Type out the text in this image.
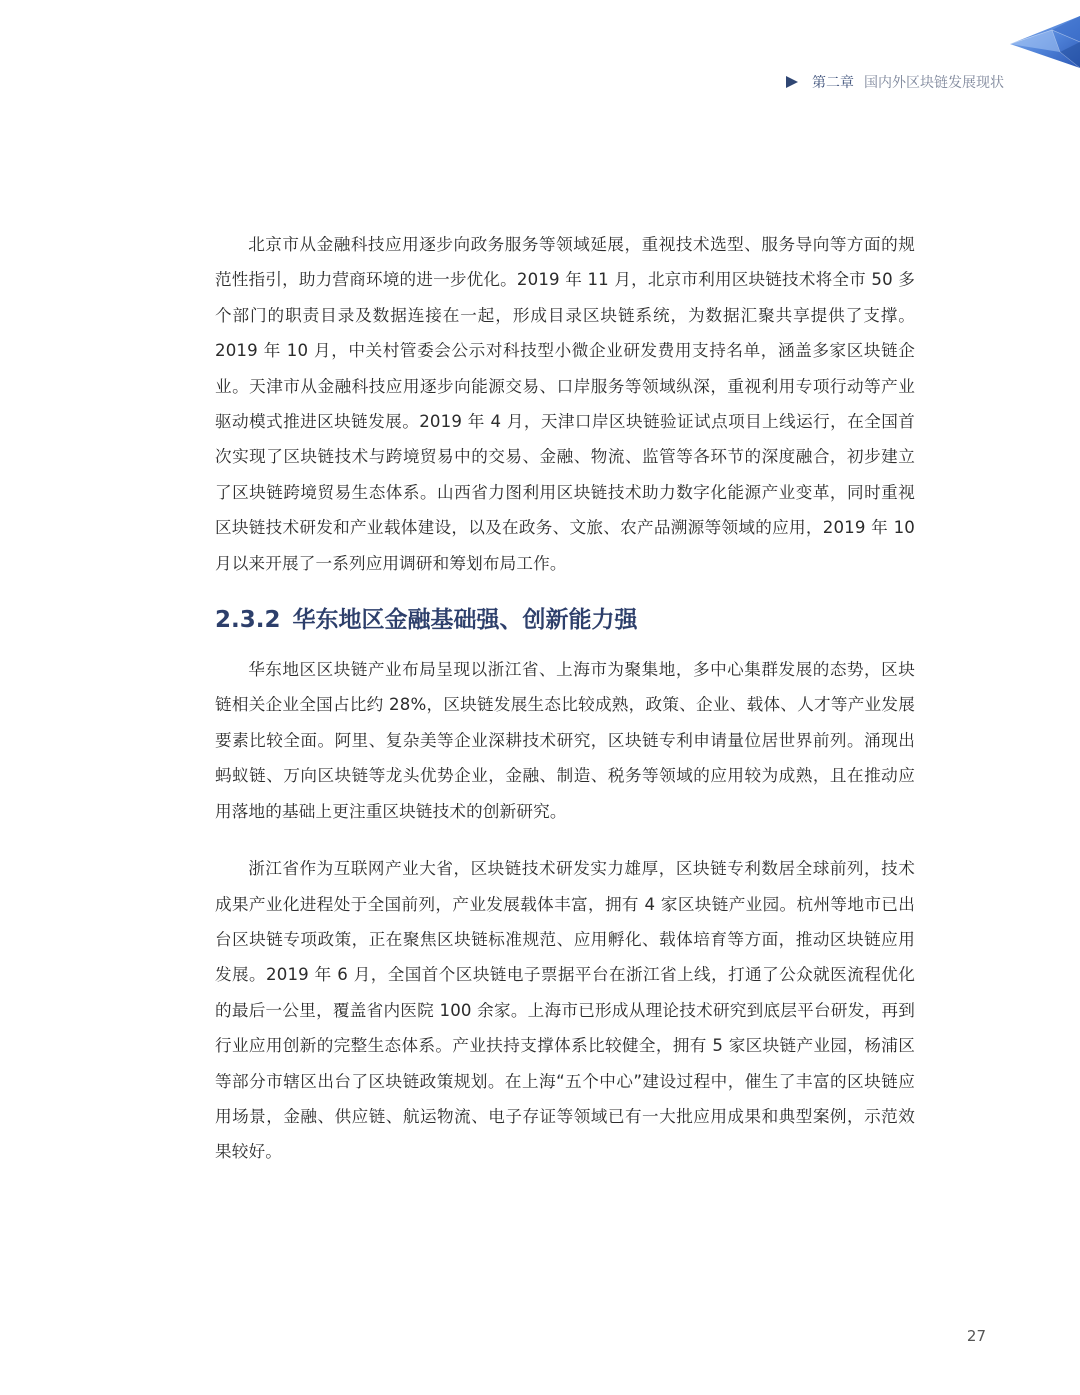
第二章 国内外区块链发展现状

北京市从金融科技应用逐步向政务服务等领域延展，重视技术选型、服务导向等方面的规范性指引，助力营商环境的进一步优化。2019 年 11 月，北京市利用区块链技术将全市 50 多个部门的职责目录及数据连接在一起，形成目录区块链系统，为数据汇聚共享提供了支撑。2019 年 10 月，中关村管委会公示对科技型小微企业研发费用支持名单，涵盖多家区块链企业。天津市从金融科技应用逐步向能源交易、口岸服务等领域纵深，重视利用专项行动等产业驱动模式推进区块链发展。2019 年 4 月，天津口岸区块链验证试点项目上线运行，在全国首次实现了区块链技术与跨境贸易中的交易、金融、物流、监管等各环节的深度融合，初步建立了区块链跨境贸易生态体系。山西省力图利用区块链技术助力数字化能源产业变革，同时重视区块链技术研发和产业载体建设，以及在政务、文旅、农产品溯源等领域的应用，2019 年 10 月以来开展了一系列应用调研和筹划布局工作。

2.3.2 华东地区金融基础强、创新能力强

华东地区区块链产业布局呈现以浙江省、上海市为聚集地，多中心集群发展的态势，区块链相关企业全国占比约 28%，区块链发展生态比较成熟，政策、企业、载体、人才等产业发展要素比较全面。阿里、复杂美等企业深耕技术研究，区块链专利申请量位居世界前列。涌现出蚂蚁链、万向区块链等龙头优势企业，金融、制造、税务等领域的应用较为成熟，且在推动应用落地的基础上更注重区块链技术的创新研究。

浙江省作为互联网产业大省，区块链技术研发实力雄厚，区块链专利数居全球前列，技术成果产业化进程处于全国前列，产业发展载体丰富，拥有 4 家区块链产业园。杭州等地市已出台区块链专项政策，正在聚焦区块链标准规范、应用孵化、载体培育等方面，推动区块链应用发展。2019 年 6 月，全国首个区块链电子票据平台在浙江省上线，打通了公众就医流程优化的最后一公里，覆盖省内医院 100 余家。上海市已形成从理论技术研究到底层平台研发，再到行业应用创新的完整生态体系。产业扶持支撑体系比较健全，拥有 5 家区块链产业园，杨浦区等部分市辖区出台了区块链政策规划。在上海“五个中心”建设过程中，催生了丰富的区块链应用场景，金融、供应链、航运物流、电子存证等领域已有一大批应用成果和典型案例，示范效果较好。

27
